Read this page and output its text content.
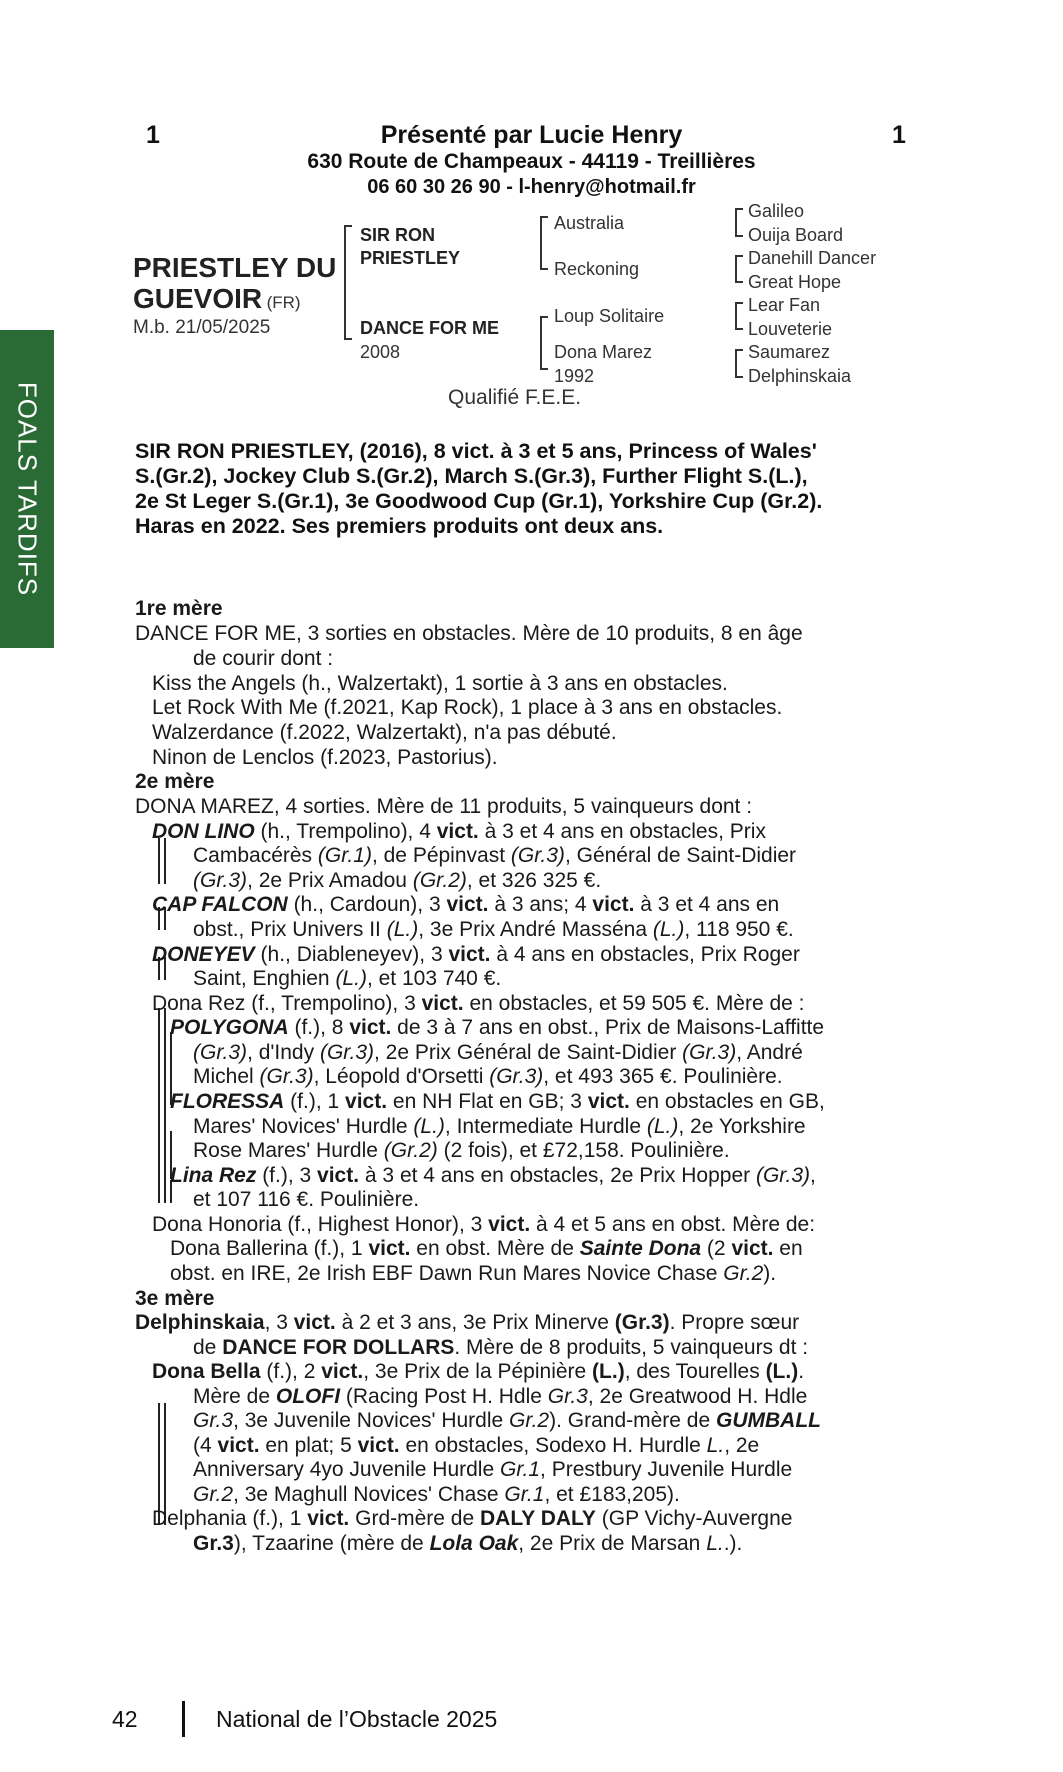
FOALS TARDIFS
1	1
Présenté par Lucie Henry
630 Route de Champeaux - 44119 - Treillières
06 60 30 26 90 - l-henry@hotmail.fr
PRIESTLEY DU
GUEVOIR (FR)
M.b. 21/05/2025
SIR RON
PRIESTLEY
DANCE FOR ME
2008
Australia
Reckoning
Loup Solitaire
Dona Marez
1992
Galileo
Ouija Board
Danehill Dancer
Great Hope
Lear Fan
Louveterie
Saumarez
Delphinskaia
Qualifié F.E.E.
SIR RON PRIESTLEY, (2016), 8 vict. à 3 et 5 ans, Princess of Wales'
S.(Gr.2), Jockey Club S.(Gr.2), March S.(Gr.3), Further Flight S.(L.),
2e St Leger S.(Gr.1), 3e Goodwood Cup (Gr.1), Yorkshire Cup (Gr.2).
Haras en 2022. Ses premiers produits ont deux ans.
1re mère
DANCE FOR ME, 3 sorties en obstacles. Mère de 10 produits, 8 en âge
de courir dont :
Kiss the Angels (h., Walzertakt), 1 sortie à 3 ans en obstacles.
Let Rock With Me (f.2021, Kap Rock), 1 place à 3 ans en obstacles.
Walzerdance (f.2022, Walzertakt), n'a pas débuté.
Ninon de Lenclos (f.2023, Pastorius).
2e mère
DONA MAREZ, 4 sorties. Mère de 11 produits, 5 vainqueurs dont :
DON LINO (h., Trempolino), 4 vict. à 3 et 4 ans en obstacles, Prix
Cambacérès (Gr.1), de Pépinvast (Gr.3), Général de Saint-Didier
(Gr.3), 2e Prix Amadou (Gr.2), et 326 325 €.
CAP FALCON (h., Cardoun), 3 vict. à 3 ans; 4 vict. à 3 et 4 ans en
obst., Prix Univers II (L.), 3e Prix André Masséna (L.), 118 950 €.
DONEYEV (h., Diableneyev), 3 vict. à 4 ans en obstacles, Prix Roger
Saint, Enghien (L.), et 103 740 €.
Dona Rez (f., Trempolino), 3 vict. en obstacles, et 59 505 €. Mère de :
POLYGONA (f.), 8 vict. de 3 à 7 ans en obst., Prix de Maisons-Laffitte
(Gr.3), d'Indy (Gr.3), 2e Prix Général de Saint-Didier (Gr.3), André
Michel (Gr.3), Léopold d'Orsetti (Gr.3), et 493 365 €. Poulinière.
FLORESSA (f.), 1 vict. en NH Flat en GB; 3 vict. en obstacles en GB,
Mares' Novices' Hurdle (L.), Intermediate Hurdle (L.), 2e Yorkshire
Rose Mares' Hurdle (Gr.2) (2 fois), et £72,158. Poulinière.
Lina Rez (f.), 3 vict. à 3 et 4 ans en obstacles, 2e Prix Hopper (Gr.3),
et 107 116 €. Poulinière.
Dona Honoria (f., Highest Honor), 3 vict. à 4 et 5 ans en obst. Mère de:
Dona Ballerina (f.), 1 vict. en obst. Mère de Sainte Dona (2 vict. en
obst. en IRE, 2e Irish EBF Dawn Run Mares Novice Chase Gr.2).
3e mère
Delphinskaia, 3 vict. à 2 et 3 ans, 3e Prix Minerve (Gr.3). Propre sœur
de DANCE FOR DOLLARS. Mère de 8 produits, 5 vainqueurs dt :
Dona Bella (f.), 2 vict., 3e Prix de la Pépinière (L.), des Tourelles (L.).
Mère de OLOFI (Racing Post H. Hdle Gr.3, 2e Greatwood H. Hdle
Gr.3, 3e Juvenile Novices' Hurdle Gr.2). Grand-mère de GUMBALL
(4 vict. en plat; 5 vict. en obstacles, Sodexo H. Hurdle L., 2e
Anniversary 4yo Juvenile Hurdle Gr.1, Prestbury Juvenile Hurdle
Gr.2, 3e Maghull Novices' Chase Gr.1, et £183,205).
Delphania (f.), 1 vict. Grd-mère de DALY DALY (GP Vichy-Auvergne
Gr.3), Tzaarine (mère de Lola Oak, 2e Prix de Marsan L..).
42	National de l’Obstacle 2025
